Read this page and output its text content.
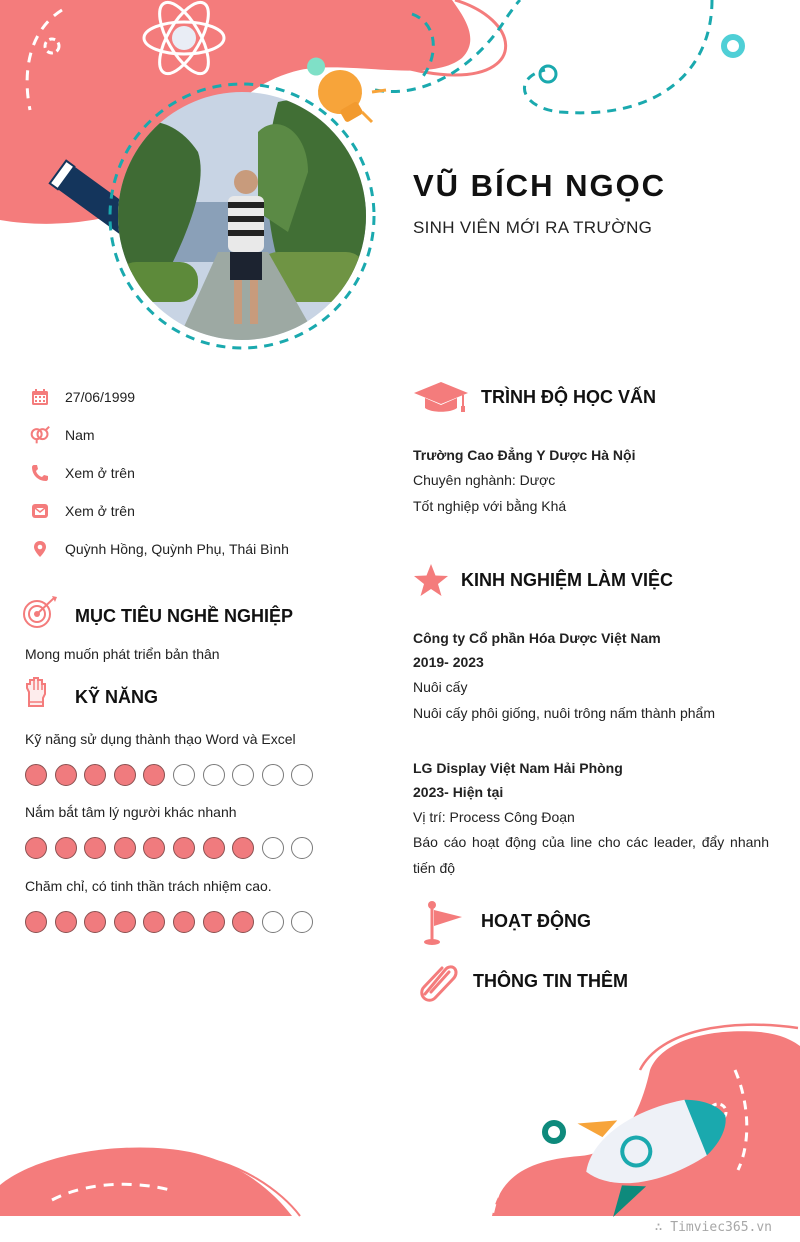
VŨ BÍCH NGỌC
SINH VIÊN MỚI RA TRƯỜNG
27/06/1999
Nam
Xem ở trên
Xem ở trên
Quỳnh Hồng, Quỳnh Phụ, Thái Bình
MỤC TIÊU NGHỀ NGHIỆP
Mong muốn phát triển bản thân
KỸ NĂNG
Kỹ năng sử dụng thành thạo Word và Excel
Nắm bắt tâm lý người khác nhanh
Chăm chỉ, có tinh thần trách nhiệm cao.
TRÌNH ĐỘ HỌC VẤN
Trường Cao Đẳng Y Dược Hà Nội
Chuyên nghành: Dược
Tốt nghiệp với bằng Khá
KINH NGHIỆM LÀM VIỆC
Công ty Cổ phần Hóa Dược Việt Nam
2019- 2023
Nuôi cấy
Nuôi cấy phôi giống, nuôi trông nấm thành phẩm
LG Display Việt Nam Hải Phòng
2023- Hiện tại
Vị trí: Process Công Đoạn
Báo cáo hoạt động của line cho các leader, đẩy nhanh tiến độ
HOẠT ĐỘNG
THÔNG TIN THÊM
∴ Timviec365.vn
